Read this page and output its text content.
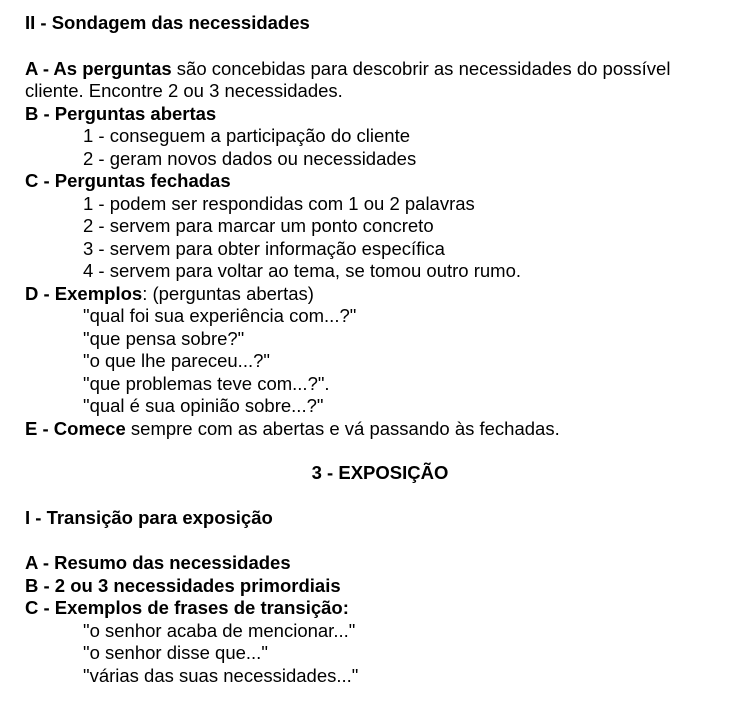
II - Sondagem das necessidades
A - As perguntas são concebidas para descobrir as necessidades do possível
cliente. Encontre 2 ou 3 necessidades.
B - Perguntas abertas
1 - conseguem a participação do cliente
2 - geram novos dados ou necessidades
C - Perguntas fechadas
1 - podem ser respondidas com 1 ou 2 palavras
2 - servem para marcar um ponto concreto
3 - servem para obter informação específica
4 - servem para voltar ao tema, se tomou outro rumo.
D - Exemplos: (perguntas abertas)
"qual foi sua experiência com...?"
"que pensa sobre?"
"o que lhe pareceu...?"
"que problemas teve com...?".
"qual é sua opinião sobre...?"
E - Comece sempre com as abertas e vá passando às fechadas.
3 - EXPOSIÇÃO
I - Transição para exposição
A - Resumo das necessidades
B - 2 ou 3 necessidades primordiais
C - Exemplos de frases de transição:
"o senhor acaba de mencionar..."
"o senhor disse que..."
"várias das suas necessidades..."
